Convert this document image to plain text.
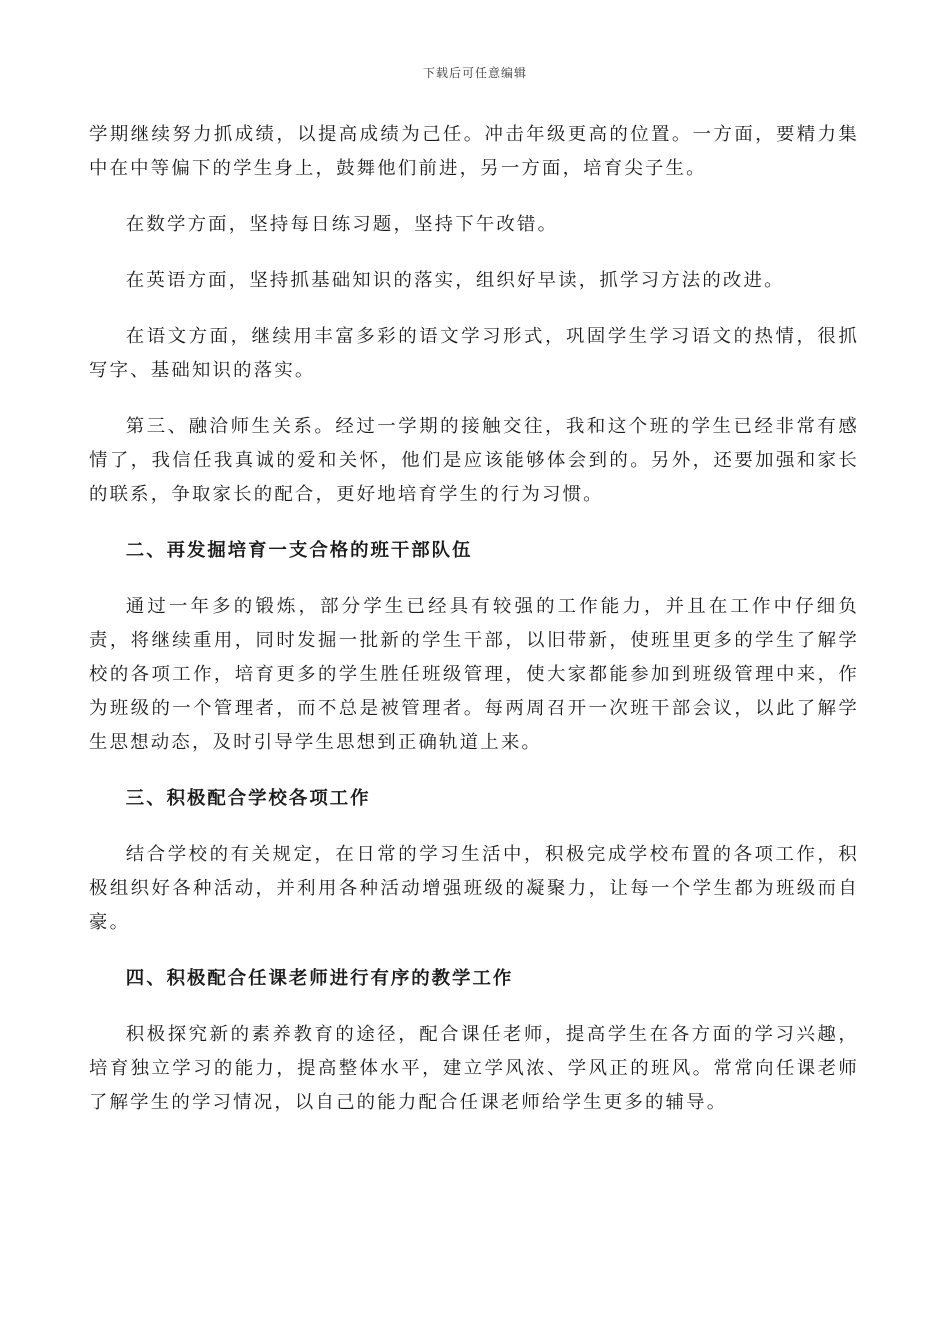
下载后可任意编辑

学期继续努力抓成绩，以提高成绩为己任。冲击年级更高的位置。一方面，要精力集中在中等偏下的学生身上，鼓舞他们前进，另一方面，培育尖子生。

在数学方面，坚持每日练习题，坚持下午改错。

在英语方面，坚持抓基础知识的落实，组织好早读，抓学习方法的改进。

在语文方面，继续用丰富多彩的语文学习形式，巩固学生学习语文的热情，很抓写字、基础知识的落实。

第三、融洽师生关系。经过一学期的接触交往，我和这个班的学生已经非常有感情了，我信任我真诚的爱和关怀，他们是应该能够体会到的。另外，还要加强和家长的联系，争取家长的配合，更好地培育学生的行为习惯。

二、再发掘培育一支合格的班干部队伍

通过一年多的锻炼，部分学生已经具有较强的工作能力，并且在工作中仔细负责，将继续重用，同时发掘一批新的学生干部，以旧带新，使班里更多的学生了解学校的各项工作，培育更多的学生胜任班级管理，使大家都能参加到班级管理中来，作为班级的一个管理者，而不总是被管理者。每两周召开一次班干部会议，以此了解学生思想动态，及时引导学生思想到正确轨道上来。

三、积极配合学校各项工作

结合学校的有关规定，在日常的学习生活中，积极完成学校布置的各项工作，积极组织好各种活动，并利用各种活动增强班级的凝聚力，让每一个学生都为班级而自豪。

四、积极配合任课老师进行有序的教学工作

积极探究新的素养教育的途径，配合课任老师，提高学生在各方面的学习兴趣，培育独立学习的能力，提高整体水平，建立学风浓、学风正的班风。常常向任课老师了解学生的学习情况，以自己的能力配合任课老师给学生更多的辅导。
